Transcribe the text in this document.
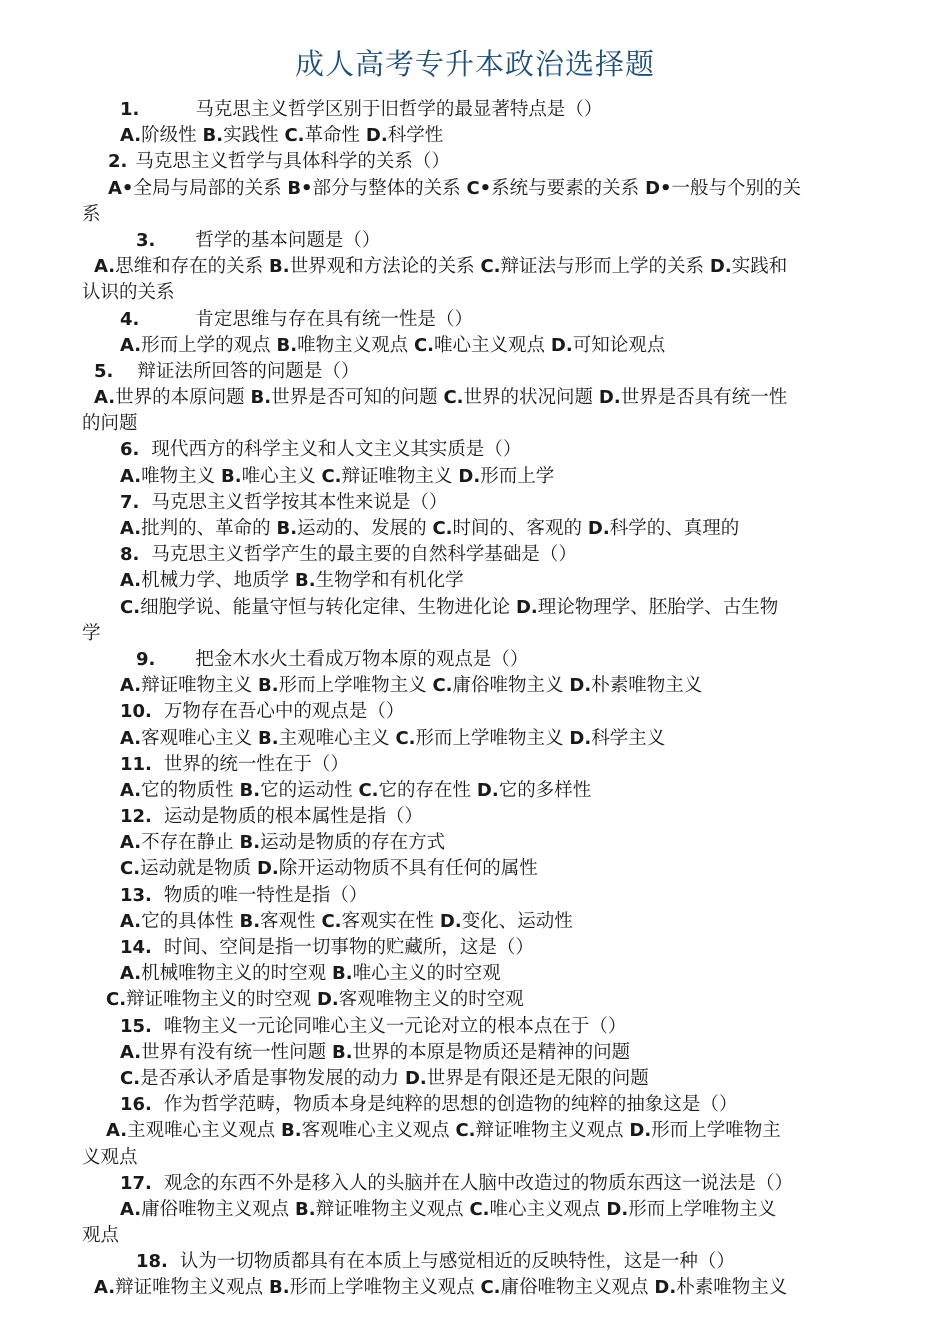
成人高考专升本政治选择题
1.	马克思主义哲学区别于旧哲学的最显著特点是（）
A.阶级性 B.实践性 C.革命性 D.科学性
2. 马克思主义哲学与具体科学的关系（）
A•全局与局部的关系 B•部分与整体的关系 C•系统与要素的关系 D•一般与个别的关
系
3. 哲学的基本问题是（）
A.思维和存在的关系 B.世界观和方法论的关系 C.辩证法与形而上学的关系 D.实践和
认识的关系
4.	肯定思维与存在具有统一性是（）
A.形而上学的观点 B.唯物主义观点 C.唯心主义观点 D.可知论观点
5. 辩证法所回答的问题是（）
A.世界的本原问题 B.世界是否可知的问题 C.世界的状况问题 D.世界是否具有统一性
的问题
6. 现代西方的科学主义和人文主义其实质是（）
A.唯物主义 B.唯心主义 C.辩证唯物主义 D.形而上学
7. 马克思主义哲学按其本性来说是（）
A.批判的、革命的 B.运动的、发展的 C.时间的、客观的 D.科学的、真理的
8. 马克思主义哲学产生的最主要的自然科学基础是（）
A.机械力学、地质学 B.生物学和有机化学
C.细胞学说、能量守恒与转化定律、生物进化论 D.理论物理学、胚胎学、古生物
学
9. 把金木水火土看成万物本原的观点是（）
A.辩证唯物主义 B.形而上学唯物主义 C.庸俗唯物主义 D.朴素唯物主义
10. 万物存在吾心中的观点是（）
A.客观唯心主义 B.主观唯心主义 C.形而上学唯物主义 D.科学主义
11. 世界的统一性在于（）
A.它的物质性 B.它的运动性 C.它的存在性 D.它的多样性
12. 运动是物质的根本属性是指（）
A.不存在静止 B.运动是物质的存在方式
C.运动就是物质 D.除开运动物质不具有任何的属性
13. 物质的唯一特性是指（）
A.它的具体性 B.客观性 C.客观实在性 D.变化、运动性
14. 时间、空间是指一切事物的贮藏所，这是（）
A.机械唯物主义的时空观 B.唯心主义的时空观
C.辩证唯物主义的时空观 D.客观唯物主义的时空观
15. 唯物主义一元论同唯心主义一元论对立的根本点在于（）
A.世界有没有统一性问题 B.世界的本原是物质还是精神的问题
C.是否承认矛盾是事物发展的动力 D.世界是有限还是无限的问题
16. 作为哲学范畴，物质本身是纯粹的思想的创造物的纯粹的抽象这是（）
A.主观唯心主义观点 B.客观唯心主义观点 C.辩证唯物主义观点 D.形而上学唯物主
义观点
17. 观念的东西不外是移入人的头脑并在人脑中改造过的物质东西这一说法是（）
A.庸俗唯物主义观点 B.辩证唯物主义观点 C.唯心主义观点 D.形而上学唯物主义
观点
18. 认为一切物质都具有在本质上与感觉相近的反映特性，这是一种（）
A.辩证唯物主义观点 B.形而上学唯物主义观点 C.庸俗唯物主义观点 D.朴素唯物主义
